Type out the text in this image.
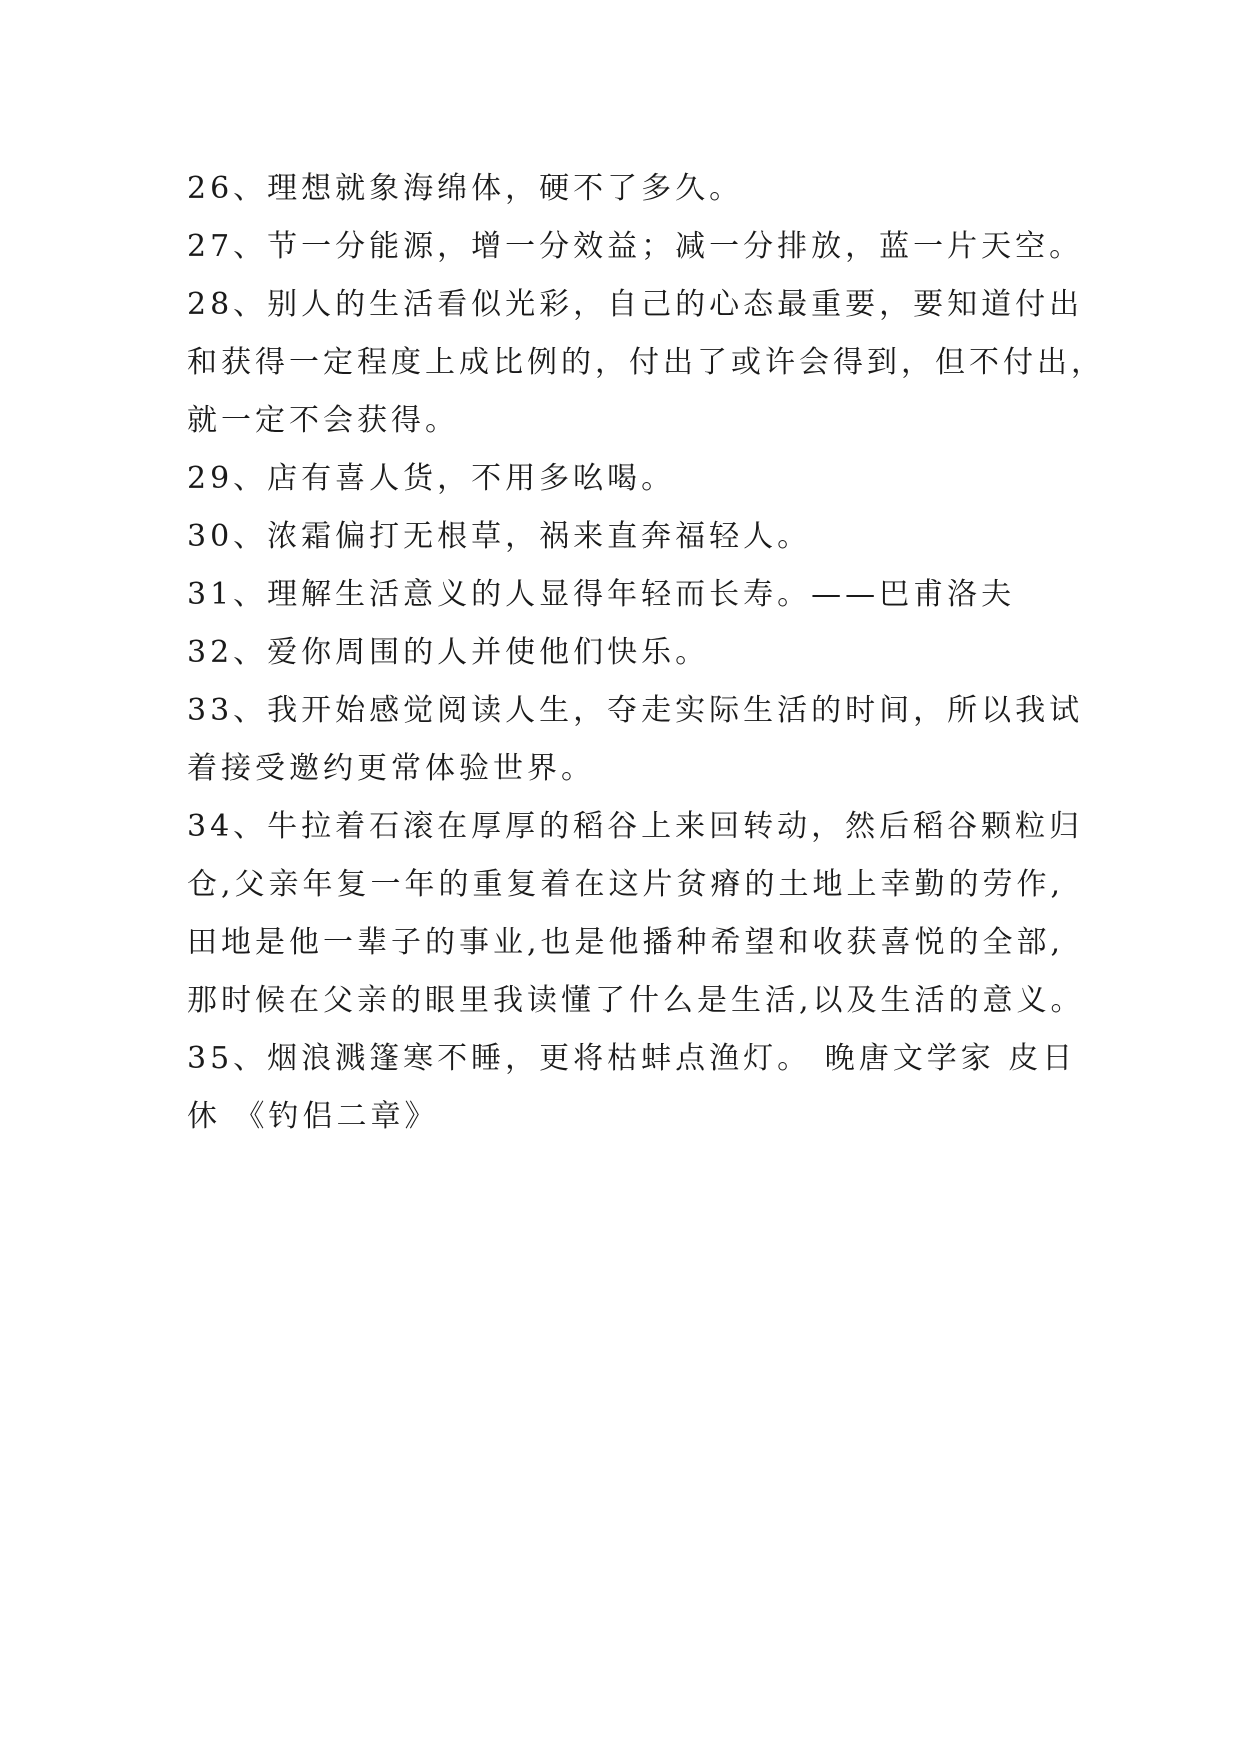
26、理想就象海绵体，硬不了多久。
27、节一分能源，增一分效益；减一分排放，蓝一片天空。
28、别人的生活看似光彩，自己的心态最重要，要知道付出
和获得一定程度上成比例的，付出了或许会得到，但不付出，
就一定不会获得。
29、店有喜人货，不用多吆喝。
30、浓霜偏打无根草，祸来直奔福轻人。
31、理解生活意义的人显得年轻而长寿。——巴甫洛夫
32、爱你周围的人并使他们快乐。
33、我开始感觉阅读人生，夺走实际生活的时间，所以我试
着接受邀约更常体验世界。
34、牛拉着石滚在厚厚的稻谷上来回转动，然后稻谷颗粒归
仓,父亲年复一年的重复着在这片贫瘠的土地上幸勤的劳作,
田地是他一辈子的事业,也是他播种希望和收获喜悦的全部,
那时候在父亲的眼里我读懂了什么是生活,以及生活的意义。
35、烟浪溅篷寒不睡，更将枯蚌点渔灯。 晚唐文学家 皮日
休 《钓侣二章》
